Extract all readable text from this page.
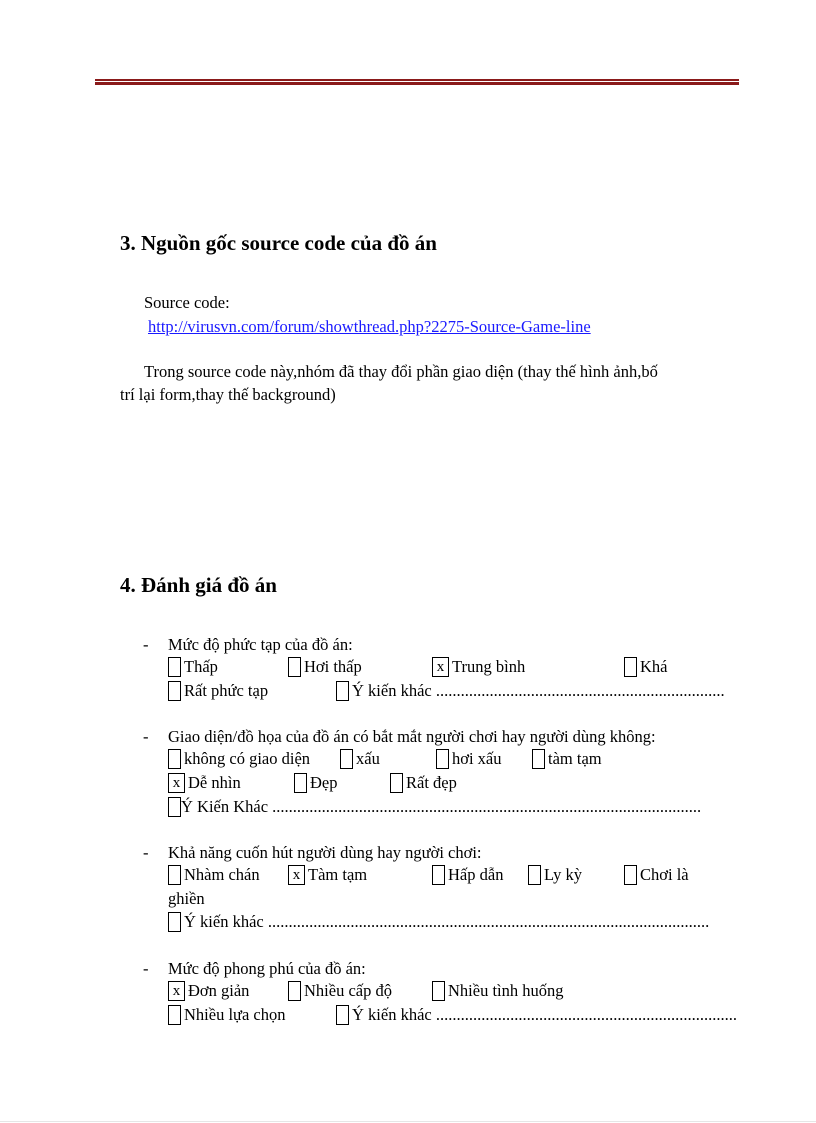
3. Nguồn gốc source code của đồ án
Source code:
http://virusvn.com/forum/showthread.php?2275-Source-Game-line
Trong source code này,nhóm đã thay đổi phần giao diện (thay thế hình ảnh,bố
trí lại form,thay thế background)
4. Đánh giá đồ án
- Mức độ phức tạp của đồ án:
Thấp	Hơi thấp	x Trung bình	Khá
Rất phức tạp	Ý kiến khác ......................................................................
- Giao diện/đồ họa của đồ án có bắt mắt người chơi hay người dùng không:
không có giao diện	xấu	hơi xấu	tàm tạm
x Dễ nhìn	Đẹp	Rất đẹp
Ý Kiến Khác ........................................................................................................
- Khả năng cuốn hút người dùng hay người chơi:
Nhàm chán	x Tàm tạm	Hấp dẫn Ly kỳ	Chơi là
ghiền
Ý kiến khác ...........................................................................................................
- Mức độ phong phú của đồ án:
x Đơn giản	Nhiều cấp độ	Nhiều tình huống
Nhiều lựa chọn	Ý kiến khác .........................................................................
